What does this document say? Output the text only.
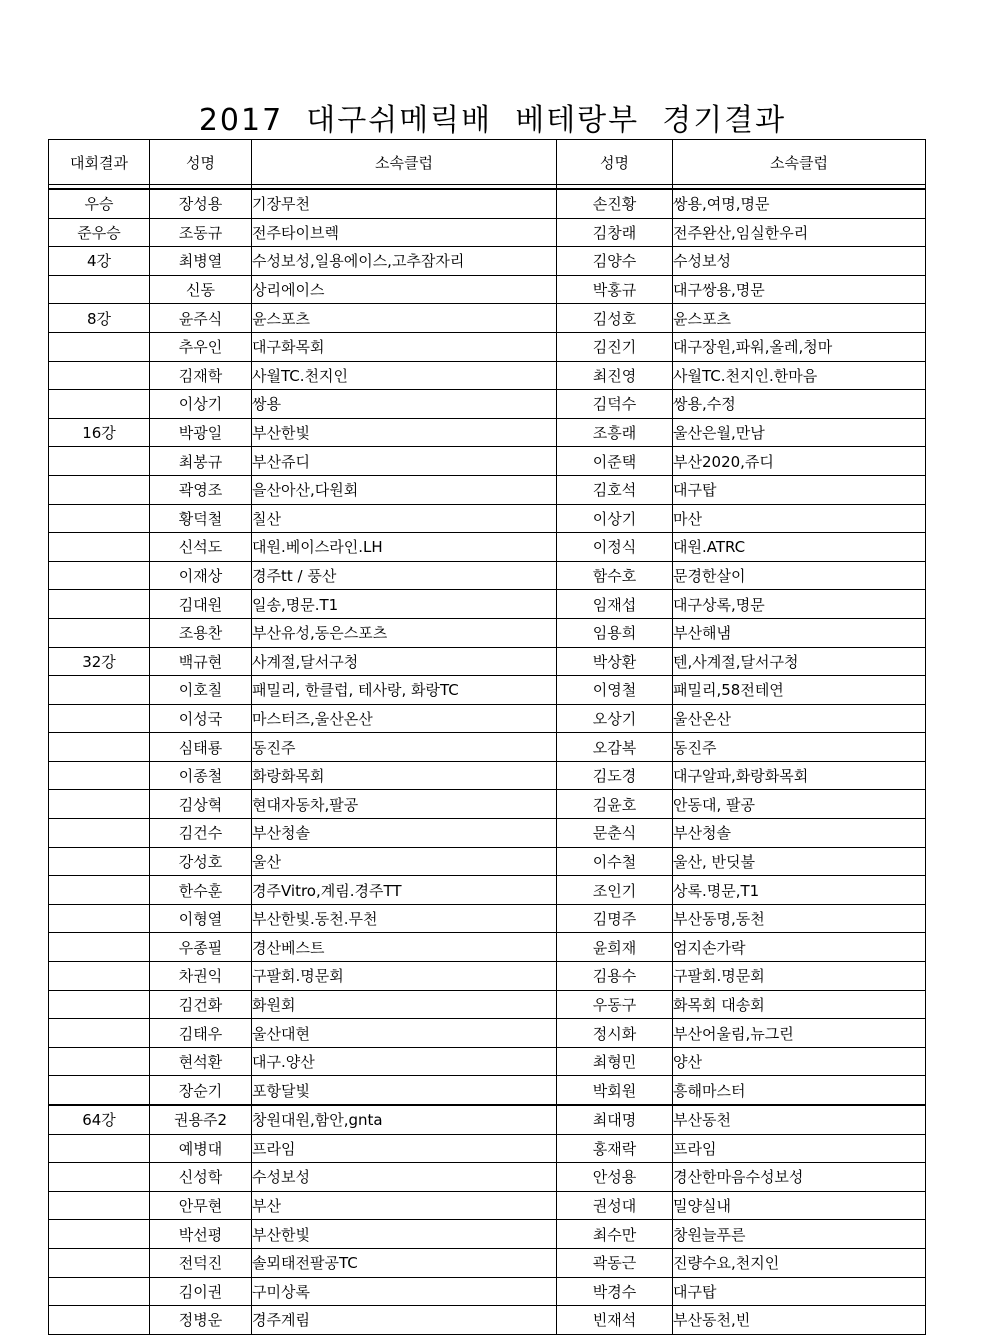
2017  대구쉬메릭배  베테랑부  경기결과
대회결과	성명	소속클럽	성명	소속클럽

우승	장성용	기장무천	손진황	쌍용,여명,명문
준우승	조동규	전주타이브렉	김창래	전주완산,임실한우리
4강	최병열	수성보성,일용에이스,고추잠자리	김양수	수성보성
	신동	상리에이스	박홍규	대구쌍용,명문
8강	윤주식	윤스포츠	김성호	윤스포츠
	추우인	대구화목회	김진기	대구장원,파워,올레,청마
	김재학	사월TC.천지인	최진영	사월TC.천지인.한마음
	이상기	쌍용	김덕수	쌍용,수정
16강	박광일	부산한빛	조흥래	울산은월,만남
	최봉규	부산쥬디	이준택	부산2020,쥬디
	곽영조	을산아산,다원회	김호석	대구탑
	황덕철	칠산	이상기	마산
	신석도	대원.베이스라인.LH	이정식	대원.ATRC
	이재상	경주tt / 풍산	함수호	문경한살이
	김대원	일송,명문.T1	임재섭	대구상록,명문
	조용찬	부산유성,동은스포츠	임용희	부산해냄
32강	백규현	사계절,달서구청	박상환	텐,사계절,달서구청
	이호칠	패밀리, 한클럽, 테사랑, 화랑TC	이영철	패밀리,58전테연
	이성국	마스터즈,울산온산	오상기	울산온산
	심태룡	동진주	오감복	동진주
	이종철	화랑화목회	김도경	대구알파,화랑화목회
	김상혁	현대자동차,팔공	김윤호	안동대, 팔공
	김건수	부산청솔	문춘식	부산청솔
	강성호	울산	이수철	울산, 반딧불
	한수훈	경주Vitro,계림.경주TT	조인기	상록.명문,T1
	이형열	부산한빛.동천.무천	김명주	부산동명,동천
	우종필	경산베스트	윤희재	엄지손가락
	차권익	구팔회.명문회	김용수	구팔회.명문회
	김건화	화원회	우동구	화목회 대송회
	김태우	울산대현	정시화	부산어울림,뉴그린
	현석환	대구.양산	최형민	양산
	장순기	포항달빛	박회원	흥해마스터
64강	권용주2	창원대원,함안,gnta	최대명	부산동천
	예병대	프라임	홍재락	프라임
	신성학	수성보성	안성용	경산한마음수성보성
	안무현	부산	권성대	밀양실내
	박선평	부산한빛	최수만	창원늘푸른
	전덕진	솔뫼태전팔공TC	곽동근	진량수요,천지인
	김이권	구미상록	박경수	대구탑
	정병운	경주계림	빈재석	부산동천,빈
